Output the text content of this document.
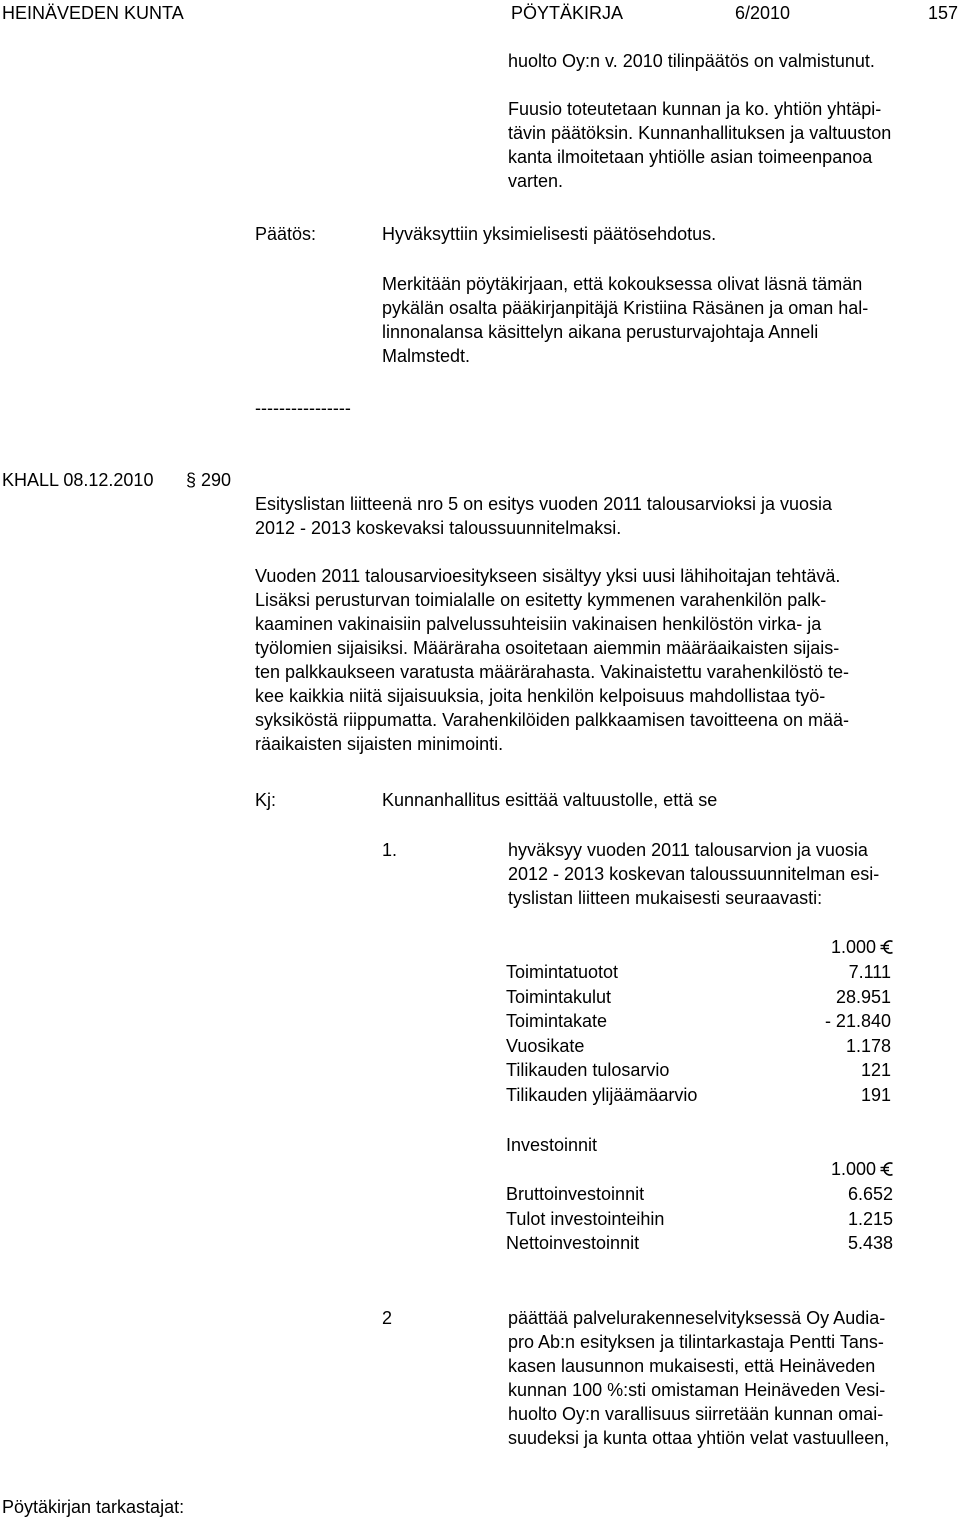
HEINÄVEDEN KUNTA	PÖYTÄKIRJA	6/2010	157
huolto Oy:n v. 2010 tilinpäätös on valmistunut.
Fuusio toteutetaan kunnan ja ko. yhtiön yhtäpi-
tävin päätöksin. Kunnanhallituksen ja valtuuston
kanta ilmoitetaan yhtiölle asian toimeenpanoa
varten.
Päätös:	Hyväksyttiin yksimielisesti päätösehdotus.
Merkitään pöytäkirjaan, että kokouksessa olivat läsnä tämän
pykälän osalta pääkirjanpitäjä Kristiina Räsänen ja oman hal-
linnonalansa käsittelyn aikana perusturvajohtaja Anneli
Malmstedt.
----------------
KHALL 08.12.2010 § 290
Esityslistan liitteenä nro 5 on esitys vuoden 2011 talousarvioksi ja vuosia
2012 - 2013 koskevaksi taloussuunnitelmaksi.
Vuoden 2011 talousarvioesitykseen sisältyy yksi uusi lähihoitajan tehtävä.
Lisäksi perusturvan toimialalle on esitetty kymmenen varahenkilön palk-
kaaminen vakinaisiin palvelussuhteisiin vakinaisen henkilöstön virka- ja
työlomien sijaisiksi. Määräraha osoitetaan aiemmin määräaikaisten sijais-
ten palkkaukseen varatusta määrärahasta. Vakinaistettu varahenkilöstö te-
kee kaikkia niitä sijaisuuksia, joita henkilön kelpoisuus mahdollistaa työ-
syksiköstä riippumatta. Varahenkilöiden palkkaamisen tavoitteena on mää-
räaikaisten sijaisten minimointi.
Kj:	Kunnanhallitus esittää valtuustolle, että se
1.	hyväksyy vuoden 2011 talousarvion ja vuosia
2012 - 2013 koskevan taloussuunnitelman esi-
tyslistan liitteen mukaisesti seuraavasti:
1.000
Toimintatuotot	7.111
Toimintakulut	28.951
Toimintakate	- 21.840
Vuosikate	1.178
Tilikauden tulosarvio	121
Tilikauden ylijäämäarvio	191
Investoinnit
1.000
Bruttoinvestoinnit	6.652
Tulot investointeihin	1.215
Nettoinvestoinnit	5.438
2	päättää palvelurakenneselvityksessä Oy Audia-
pro Ab:n esityksen ja tilintarkastaja Pentti Tans-
kasen lausunnon mukaisesti, että Heinäveden
kunnan 100 %:sti omistaman Heinäveden Vesi-
huolto Oy:n varallisuus siirretään kunnan omai-
suudeksi ja kunta ottaa yhtiön velat vastuulleen,
Pöytäkirjan tarkastajat:
